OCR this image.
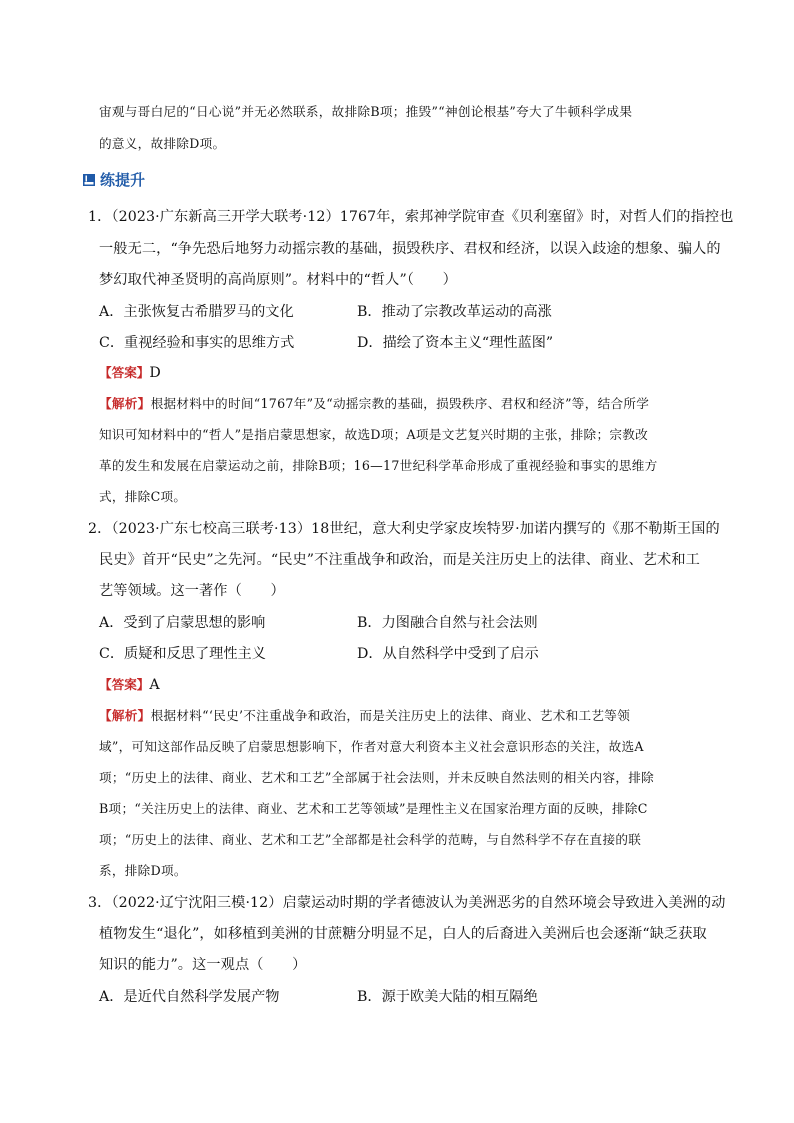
宙观与哥白尼的“日心说”并无必然联系，故排除B项；推毁”“神创论根基”夸大了牛顿科学成果
的意义，故排除D项。
练提升
1．（2023·广东新高三开学大联考·12）1767年，索邦神学院审查《贝利塞留》时，对哲人们的指控也
一般无二，“争先恐后地努力动摇宗教的基础，损毁秩序、君权和经济，以误入歧途的想象、骗人的
梦幻取代神圣贤明的高尚原则”。材料中的“哲人”（　　）
A．主张恢复古希腊罗马的文化	B．推动了宗教改革运动的高涨
C．重视经验和事实的思维方式	D．描绘了资本主义“理性蓝图”
【答案】D
【解析】根据材料中的时间“1767年”及“动摇宗教的基础，损毁秩序、君权和经济”等，结合所学
知识可知材料中的“哲人”是指启蒙思想家，故选D项；A项是文艺复兴时期的主张，排除；宗教改
革的发生和发展在启蒙运动之前，排除B项；16—17世纪科学革命形成了重视经验和事实的思维方
式，排除C项。
2．（2023·广东七校高三联考·13）18世纪，意大利史学家皮埃特罗·加诺内撰写的《那不勒斯王国的
民史》首开“民史”之先河。“民史”不注重战争和政治，而是关注历史上的法律、商业、艺术和工
艺等领域。这一著作（　　）
A．受到了启蒙思想的影响	B．力图融合自然与社会法则
C．质疑和反思了理性主义	D．从自然科学中受到了启示
【答案】A
【解析】根据材料“‘民史’不注重战争和政治，而是关注历史上的法律、商业、艺术和工艺等领
域”，可知这部作品反映了启蒙思想影响下，作者对意大利资本主义社会意识形态的关注，故选A
项；“历史上的法律、商业、艺术和工艺”全部属于社会法则，并未反映自然法则的相关内容，排除
B项；“关注历史上的法律、商业、艺术和工艺等领域”是理性主义在国家治理方面的反映，排除C
项；“历史上的法律、商业、艺术和工艺”全部都是社会科学的范畴，与自然科学不存在直接的联
系，排除D项。
3．（2022·辽宁沈阳三模·12）启蒙运动时期的学者德波认为美洲恶劣的自然环境会导致进入美洲的动
植物发生“退化”，如移植到美洲的甘蔗糖分明显不足，白人的后裔进入美洲后也会逐渐“缺乏获取
知识的能力”。这一观点（　　）
A．是近代自然科学发展产物	B．源于欧美大陆的相互隔绝
